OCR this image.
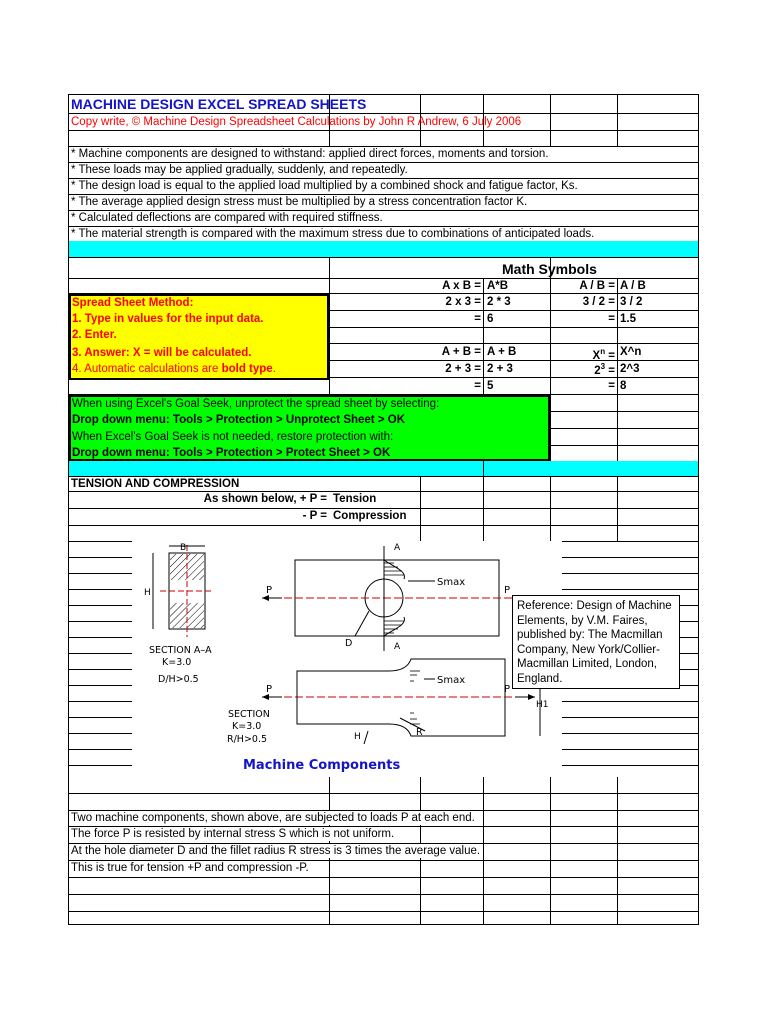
MACHINE DESIGN EXCEL SPREAD SHEETS
Copy write, © Machine Design Spreadsheet Calculations by John R Andrew, 6 July 2006
* Machine components are designed to withstand: applied direct forces, moments and torsion.
* These loads may be applied gradually, suddenly, and repeatedly.
* The design load is equal to the applied load multiplied by a combined shock and fatigue factor, Ks.
* The average applied design stress must be multiplied by a stress concentration factor K.
* Calculated deflections are compared with required stiffness.
* The material strength is compared with the maximum stress due to combinations of anticipated loads.
Math Symbols
A x B = A*B	A / B = A / B
2 x 3 = 2 * 3	3 / 2 = 3 / 2
= 6	= 1.5
A + B = A + B	$X^n$ = X^n
2 + 3 = 2 + 3	$2^3$ = 2^3
= 5	= 8
Spread Sheet Method:
1. Type in values for the input data.
2. Enter.
3. Answer: X = will be calculated.
4. Automatic calculations are bold type.
When using Excel's Goal Seek, unprotect the spread sheet by selecting:
Drop down menu: Tools > Protection > Unprotect Sheet > OK
When Excel's Goal Seek is not needed, restore protection with:
Drop down menu: Tools > Protection > Protect Sheet > OK
TENSION AND COMPRESSION
As shown below, + P = Tension
- P = Compression
B
H
SECTION A–A
K=3.0
D/H>0.5
P	P
A
A
Smax
D
P	P
Smax
H1
H	R
SECTION
K=3.0
R/H>0.5
Machine Components
Reference: Design of Machine Elements, by V.M. Faires, published by: The Macmillan Company, New York/Collier-Macmillan Limited, London, England.
Two machine components, shown above, are subjected to loads P at each end.
The force P is resisted by internal stress S which is not uniform.
At the hole diameter D and the fillet radius R stress is 3 times the average value.
This is true for tension +P and compression -P.
